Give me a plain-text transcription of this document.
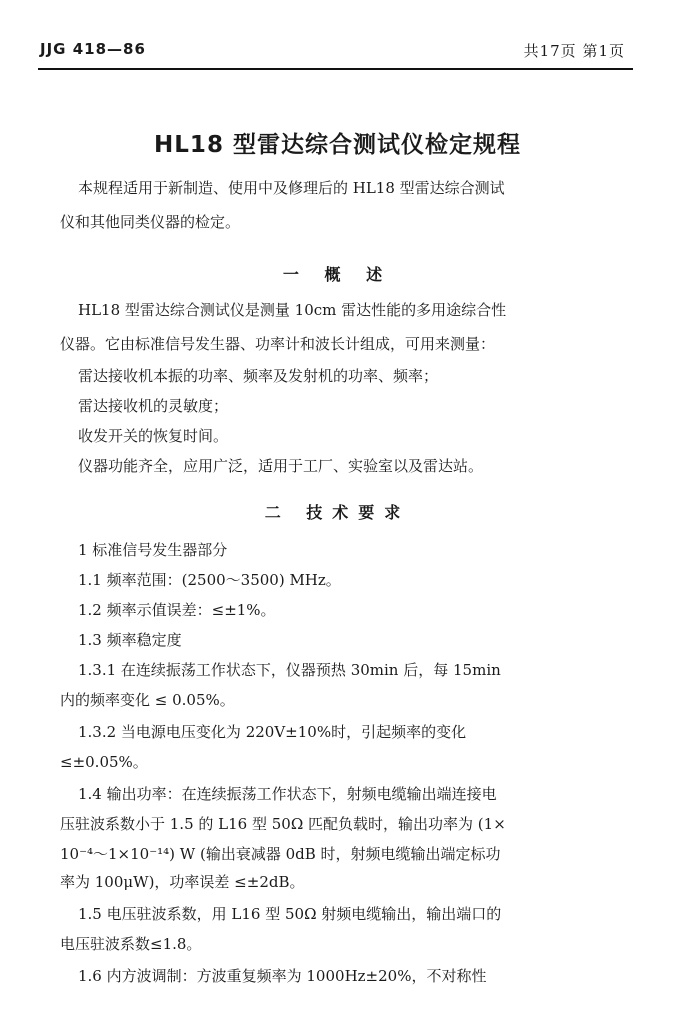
JJG 418—86	共17页 第1页
HL18 型雷达综合测试仪检定规程
本规程适用于新制造、使用中及修理后的 HL18 型雷达综合测试
仪和其他同类仪器的检定。
一 概 述
HL18 型雷达综合测试仪是测量 10cm 雷达性能的多用途综合性
仪器。它由标准信号发生器、功率计和波长计组成，可用来测量：
雷达接收机本振的功率、频率及发射机的功率、频率；
雷达接收机的灵敏度；
收发开关的恢复时间。
仪器功能齐全，应用广泛，适用于工厂、实验室以及雷达站。
二 技术要求
1 标准信号发生器部分
1.1 频率范围：(2500～3500) MHz。
1.2 频率示值误差：≤±1%。
1.3 频率稳定度
1.3.1 在连续振荡工作状态下，仪器预热 30min 后，每 15min
内的频率变化 ≤ 0.05%。
1.3.2 当电源电压变化为 220V±10%时，引起频率的变化
≤±0.05%。
1.4 输出功率：在连续振荡工作状态下，射频电缆输出端连接电
压驻波系数小于 1.5 的 L16 型 50Ω 匹配负载时，输出功率为 (1×
10⁻⁴～1×10⁻¹⁴) W (输出衰减器 0dB 时，射频电缆输出端定标功
率为 100μW)，功率误差 ≤±2dB。
1.5 电压驻波系数，用 L16 型 50Ω 射频电缆输出，输出端口的
电压驻波系数≤1.8。
1.6 内方波调制：方波重复频率为 1000Hz±20%，不对称性
